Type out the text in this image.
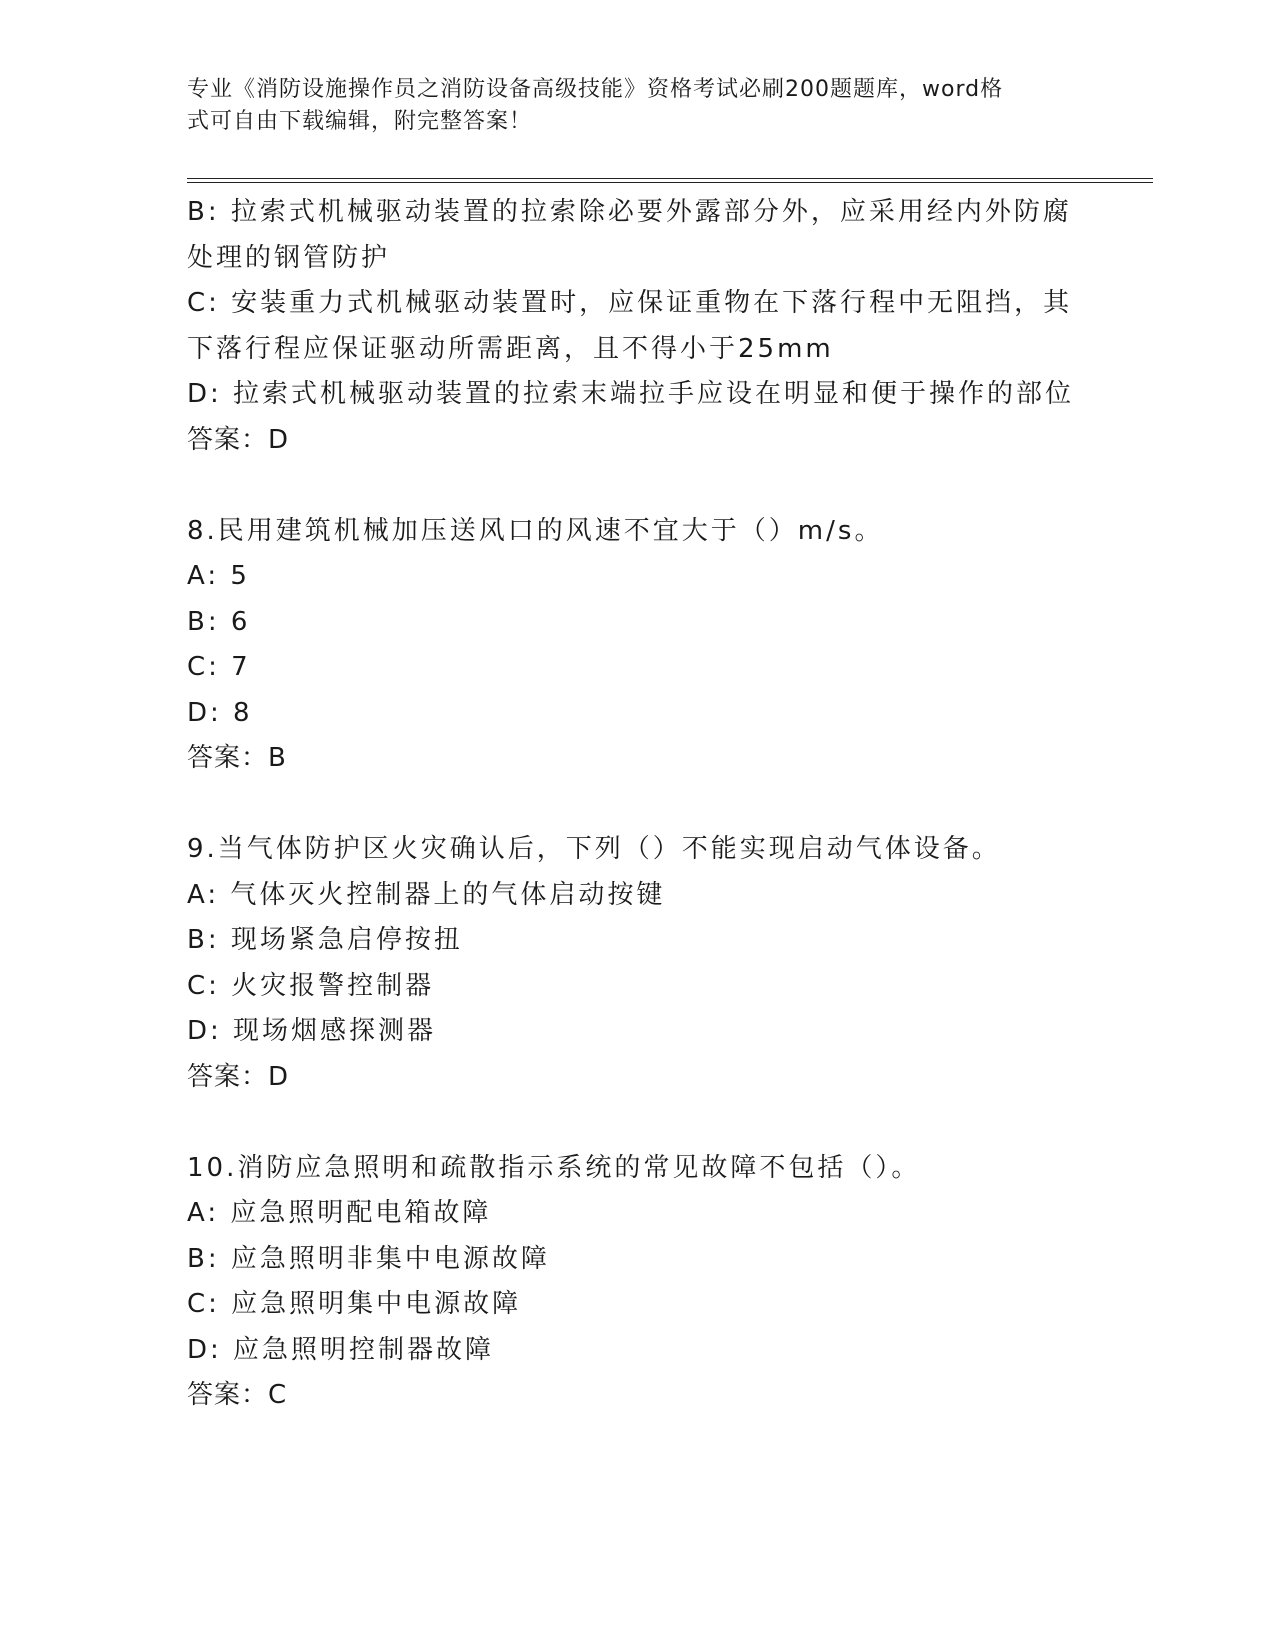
专业《消防设施操作员之消防设备高级技能》资格考试必刷200题题库，word格
式可自由下载编辑，附完整答案！
B: 拉索式机械驱动装置的拉索除必要外露部分外，应采用经内外防腐
处理的钢管防护
C: 安装重力式机械驱动装置时，应保证重物在下落行程中无阻挡，其
下落行程应保证驱动所需距离，且不得小于25mm
D: 拉索式机械驱动装置的拉索末端拉手应设在明显和便于操作的部位
答案：D
8.民用建筑机械加压送风口的风速不宜大于（）m/s。
A: 5
B: 6
C: 7
D: 8
答案：B
9.当气体防护区火灾确认后，下列（）不能实现启动气体设备。
A: 气体灭火控制器上的气体启动按键
B: 现场紧急启停按扭
C: 火灾报警控制器
D: 现场烟感探测器
答案：D
10.消防应急照明和疏散指示系统的常见故障不包括（）。
A: 应急照明配电箱故障
B: 应急照明非集中电源故障
C: 应急照明集中电源故障
D: 应急照明控制器故障
答案：C
